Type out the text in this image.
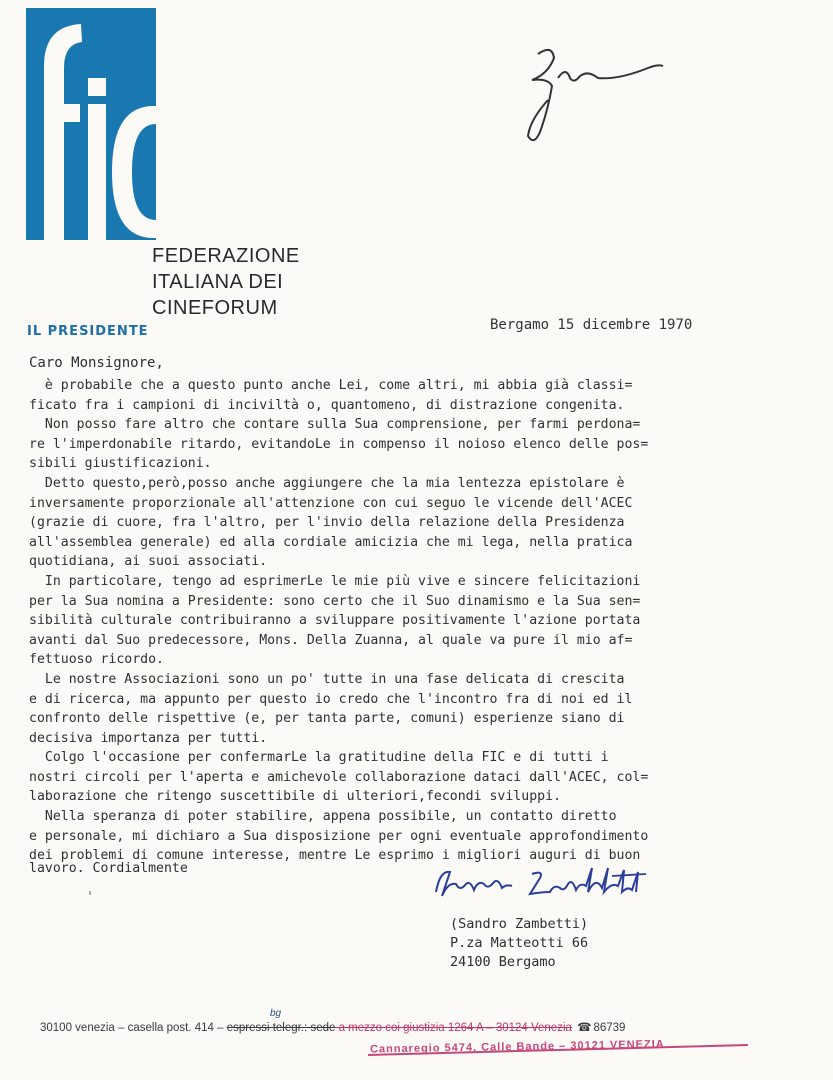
FEDERAZIONE
ITALIANA DEI
CINEFORUM
IL PRESIDENTE	Bergamo 15 dicembre 1970
Caro Monsignore,

è probabile che a questo punto anche Lei, come altri, mi abbia già classi=

ficato fra i campioni di inciviltà o, quantomeno, di distrazione congenita.

Non posso fare altro che contare sulla Sua comprensione, per farmi perdona=

re l'imperdonabile ritardo, evitandoLe in compenso il noioso elenco delle pos=

sibili giustificazioni.

Detto questo,però,posso anche aggiungere che la mia lentezza epistolare è

inversamente proporzionale all'attenzione con cui seguo le vicende dell'ACEC

(grazie di cuore, fra l'altro, per l'invio della relazione della Presidenza

all'assemblea generale) ed alla cordiale amicizia che mi lega, nella pratica

quotidiana, ai suoi associati.

In particolare, tengo ad esprimerLe le mie più vive e sincere felicitazioni

per la Sua nomina a Presidente: sono certo che il Suo dinamismo e la Sua sen=

sibilità culturale contribuiranno a sviluppare positivamente l'azione portata

avanti dal Suo predecessore, Mons. Della Zuanna, al quale va pure il mio af=

fettuoso ricordo.

Le nostre Associazioni sono un po' tutte in una fase delicata di crescita

e di ricerca, ma appunto per questo io credo che l'incontro fra di noi ed il

confronto delle rispettive (e, per tanta parte, comuni) esperienze siano di

decisiva importanza per tutti.

Colgo l'occasione per confermarLe la gratitudine della FIC e di tutti i

nostri circoli per l'aperta e amichevole collaborazione dataci dall'ACEC, col=

laborazione che ritengo suscettibile di ulteriori,fecondi sviluppi.

Nella speranza di poter stabilire, appena possibile, un contatto diretto

e personale, mi dichiaro a Sua disposizione per ogni eventuale approfondimento

dei problemi di comune interesse, mentre Le esprimo i migliori auguri di buon

lavoro. Cordialmente
(Sandro Zambetti)
P.za Matteotti 66
24100 Bergamo
bg
30100 venezia – casella post. 414 – espressi telegr.: sede a mezzo coi giustizia 1264 A – 30124 Venezia ☎ 86739
Cannaregio 5474, Calle Bande – 30121 VENEZIA
